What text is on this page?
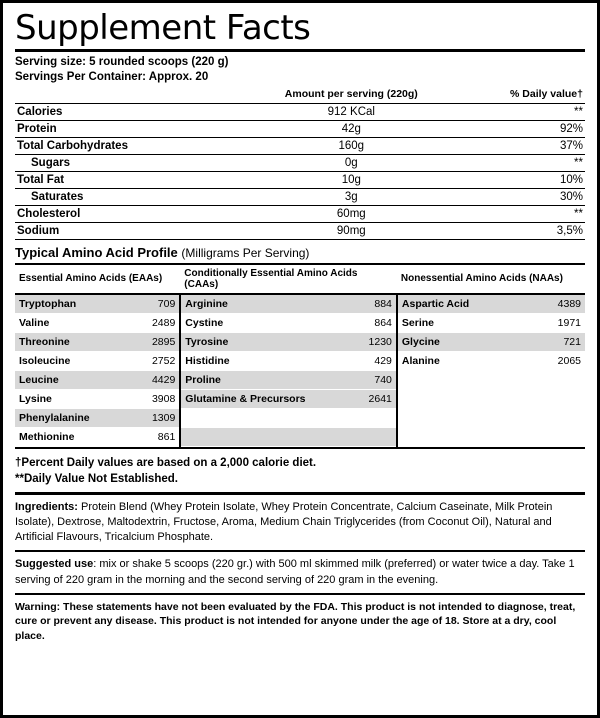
Supplement Facts
Serving size: 5 rounded scoops (220 g)
Servings Per Container: Approx. 20
	Amount per serving (220g)	% Daily value†
Calories	912 KCal	**
Protein	42g	92%
Total Carbohydrates	160g	37%
Sugars	0g	**
Total Fat	10g	10%
Saturates	3g	30%
Cholesterol	60mg	**
Sodium	90mg	3,5%
Typical Amino Acid Profile (Milligrams Per Serving)
Essential Amino Acids (EAAs)	Conditionally Essential Amino Acids (CAAs)	Nonessential Amino Acids (NAAs)

Tryptophan 709	Arginine 884	Aspartic Acid 4389

Valine 2489	Cystine 864	Serine 1971

Threonine 2895	Tyrosine 1230	Glycine 721

Isoleucine 2752	Histidine 429	Alanine 2065

Leucine 4429	Proline 740	

Lysine 3908	Glutamine & Precursors 2641	

Phenylalanine 1309		

Methionine 861		

†Percent Daily values are based on a 2,000 calorie diet.
**Daily Value Not Established.
Ingredients: Protein Blend (Whey Protein Isolate, Whey Protein Concentrate, Calcium Caseinate, Milk Protein Isolate), Dextrose, Maltodextrin, Fructose, Aroma, Medium Chain Triglycerides (from Coconut Oil), Natural and Artificial Flavours, Tricalcium Phosphate.
Suggested use: mix or shake 5 scoops (220 gr.) with 500 ml skimmed milk (preferred) or water twice a day. Take 1 serving of 220 gram in the morning and the second serving of 220 gram in the evening.
Warning: These statements have not been evaluated by the FDA. This product is not intended to diagnose, treat, cure or prevent any disease. This product is not intended for anyone under the age of 18. Store at a dry, cool place.
